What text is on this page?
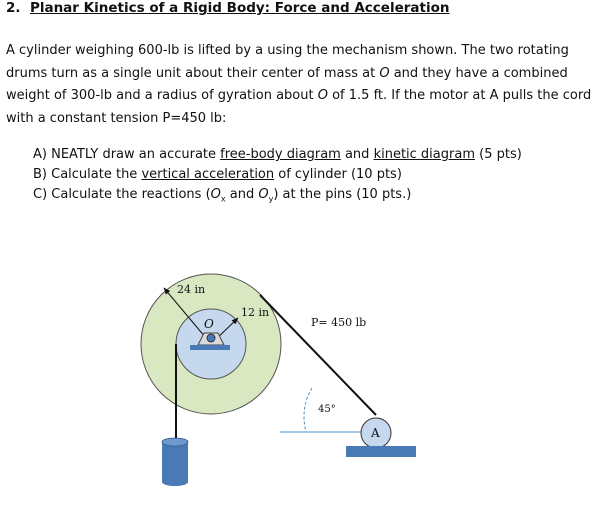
2. Planar Kinetics of a Rigid Body: Force and Acceleration
A cylinder weighing 600-lb is lifted by a using the mechanism shown. The two rotating drums turn as a single unit about their center of mass at O and they have a combined weight of 300-lb and a radius of gyration about O of 1.5 ft. If the motor at A pulls the cord with a constant tension P=450 lb:
A) NEATLY draw an accurate free-body diagram and kinetic diagram (5 pts)
B) Calculate the vertical acceleration of cylinder (10 pts)
C) Calculate the reactions ($O_x$ and $O_y$) at the pins (10 pts.)
24 in
12 in
O	P= 450 lb
45°
A
